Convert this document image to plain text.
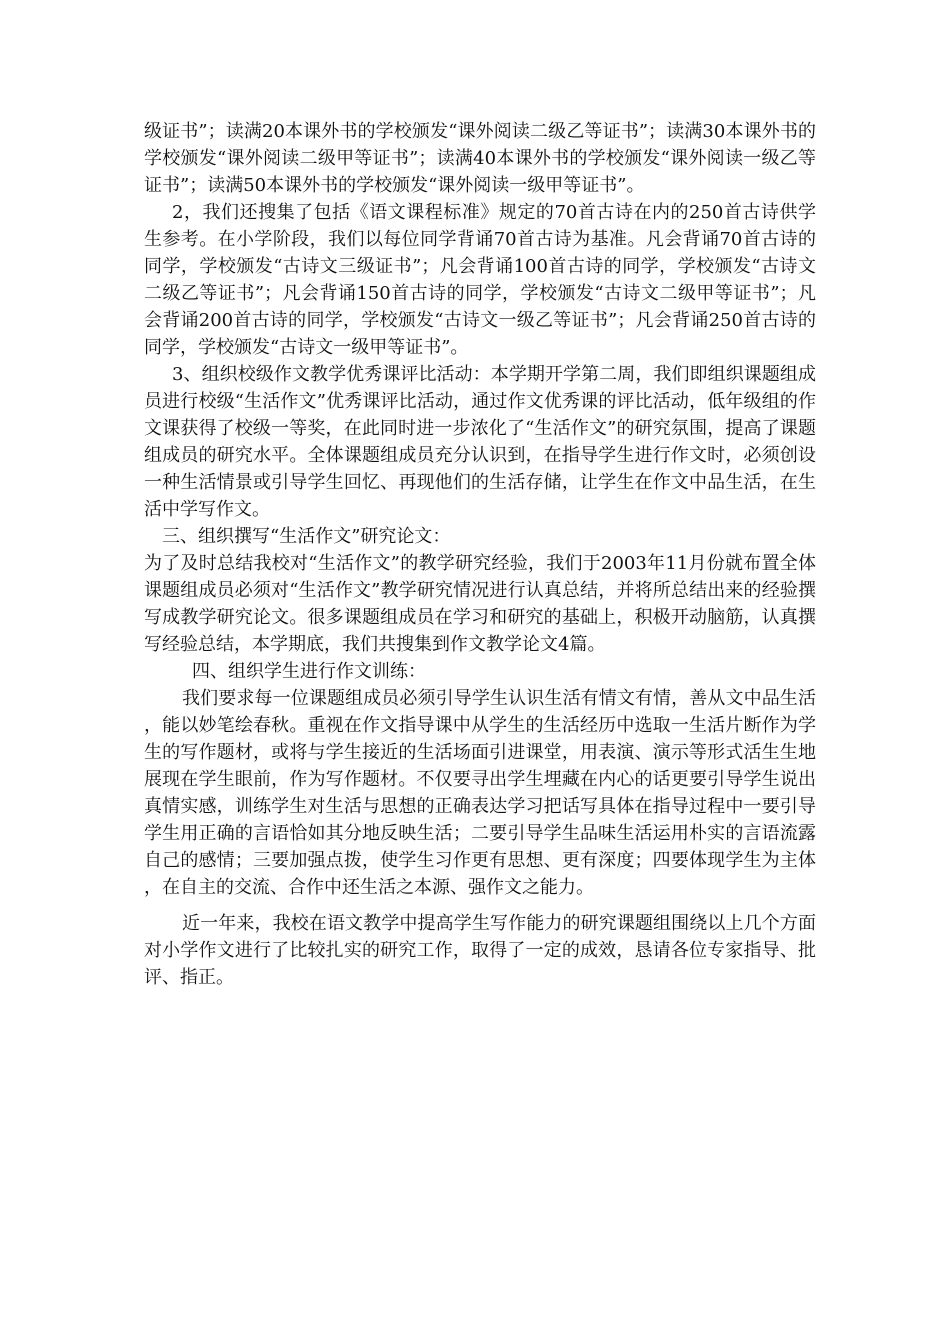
级证书”；读满20本课外书的学校颁发“课外阅读二级乙等证书”；读满30本课外书的学校颁发“课外阅读二级甲等证书”；读满40本课外书的学校颁发“课外阅读一级乙等证书”；读满50本课外书的学校颁发“课外阅读一级甲等证书”。

2，我们还搜集了包括《语文课程标准》规定的70首古诗在内的250首古诗供学生参考。在小学阶段，我们以每位同学背诵70首古诗为基准。凡会背诵70首古诗的同学，学校颁发“古诗文三级证书”；凡会背诵100首古诗的同学，学校颁发“古诗文二级乙等证书”；凡会背诵150首古诗的同学，学校颁发“古诗文二级甲等证书”；凡会背诵200首古诗的同学，学校颁发“古诗文一级乙等证书”；凡会背诵250首古诗的同学，学校颁发“古诗文一级甲等证书”。

3、组织校级作文教学优秀课评比活动：本学期开学第二周，我们即组织课题组成员进行校级“生活作文”优秀课评比活动，通过作文优秀课的评比活动，低年级组的作文课获得了校级一等奖，在此同时进一步浓化了“生活作文”的研究氛围，提高了课题组成员的研究水平。全体课题组成员充分认识到，在指导学生进行作文时，必须创设一种生活情景或引导学生回忆、再现他们的生活存储，让学生在作文中品生活，在生活中学写作文。

三、组织撰写“生活作文”研究论文：

为了及时总结我校对“生活作文”的教学研究经验，我们于2003年11月份就布置全体课题组成员必须对“生活作文”教学研究情况进行认真总结，并将所总结出来的经验撰写成教学研究论文。很多课题组成员在学习和研究的基础上，积极开动脑筋，认真撰写经验总结，本学期底，我们共搜集到作文教学论文4篇。

四、组织学生进行作文训练：

我们要求每一位课题组成员必须引导学生认识生活有情文有情，善从文中品生活，能以妙笔绘春秋。重视在作文指导课中从学生的生活经历中选取一生活片断作为学生的写作题材，或将与学生接近的生活场面引进课堂，用表演、演示等形式活生生地展现在学生眼前，作为写作题材。不仅要寻出学生埋藏在内心的话更要引导学生说出真情实感，训练学生对生活与思想的正确表达学习把话写具体在指导过程中一要引导学生用正确的言语恰如其分地反映生活；二要引导学生品味生活运用朴实的言语流露自己的感情；三要加强点拨，使学生习作更有思想、更有深度；四要体现学生为主体，在自主的交流、合作中还生活之本源、强作文之能力。

近一年来，我校在语文教学中提高学生写作能力的研究课题组围绕以上几个方面对小学作文进行了比较扎实的研究工作，取得了一定的成效，恳请各位专家指导、批评、指正。
